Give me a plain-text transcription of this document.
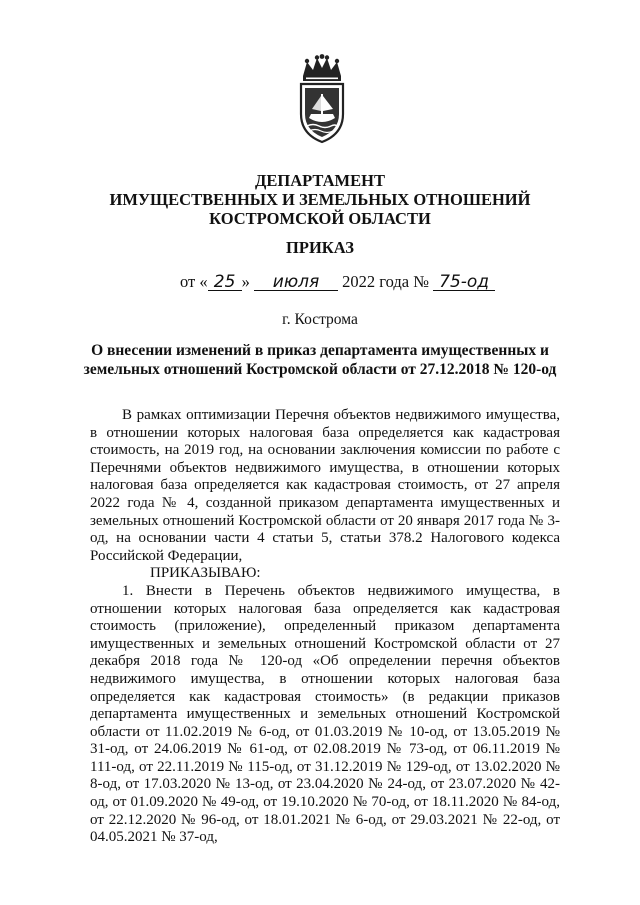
ДЕПАРТАМЕНТ
ИМУЩЕСТВЕННЫХ И ЗЕМЕЛЬНЫХ ОТНОШЕНИЙ
КОСТРОМСКОЙ ОБЛАСТИ
ПРИКАЗ
от « 25 » июля 2022 года № 75-од
г. Кострома
О внесении изменений в приказ департамента имущественных и
земельных отношений Костромской области от 27.12.2018 № 120-од

В рамках оптимизации Перечня объектов недвижимого имущества, в отношении которых налоговая база определяется как кадастровая стоимость, на 2019 год, на основании заключения комиссии по работе с Перечнями объектов недвижимого имущества, в отношении которых налоговая база определяется как кадастровая стоимость, от 27 апреля 2022 года № 4, созданной приказом департамента имущественных и земельных отношений Костромской области от 20 января 2017 года № 3-од, на основании части 4 статьи 5, статьи 378.2 Налогового кодекса Российской Федерации,

ПРИКАЗЫВАЮ:

1. Внести в Перечень объектов недвижимого имущества, в отношении которых налоговая база определяется как кадастровая стоимость (приложение), определенный приказом департамента имущественных и земельных отношений Костромской области от 27 декабря 2018 года № 120-од «Об определении перечня объектов недвижимого имущества, в отношении которых налоговая база определяется как кадастровая стоимость» (в редакции приказов департамента имущественных и земельных отношений Костромской области от 11.02.2019 № 6-од, от 01.03.2019 № 10-од, от 13.05.2019 № 31-од, от 24.06.2019 № 61-од, от 02.08.2019 № 73-од, от 06.11.2019 № 111-од, от 22.11.2019 № 115-од, от 31.12.2019 № 129-од, от 13.02.2020 № 8-од, от 17.03.2020 № 13-од, от 23.04.2020 № 24-од, от 23.07.2020 № 42-од, от 01.09.2020 № 49-од, от 19.10.2020 № 70-од, от 18.11.2020 № 84-од, от 22.12.2020 № 96-од, от 18.01.2021 № 6-од, от 29.03.2021 № 22-од, от 04.05.2021 № 37-од,
